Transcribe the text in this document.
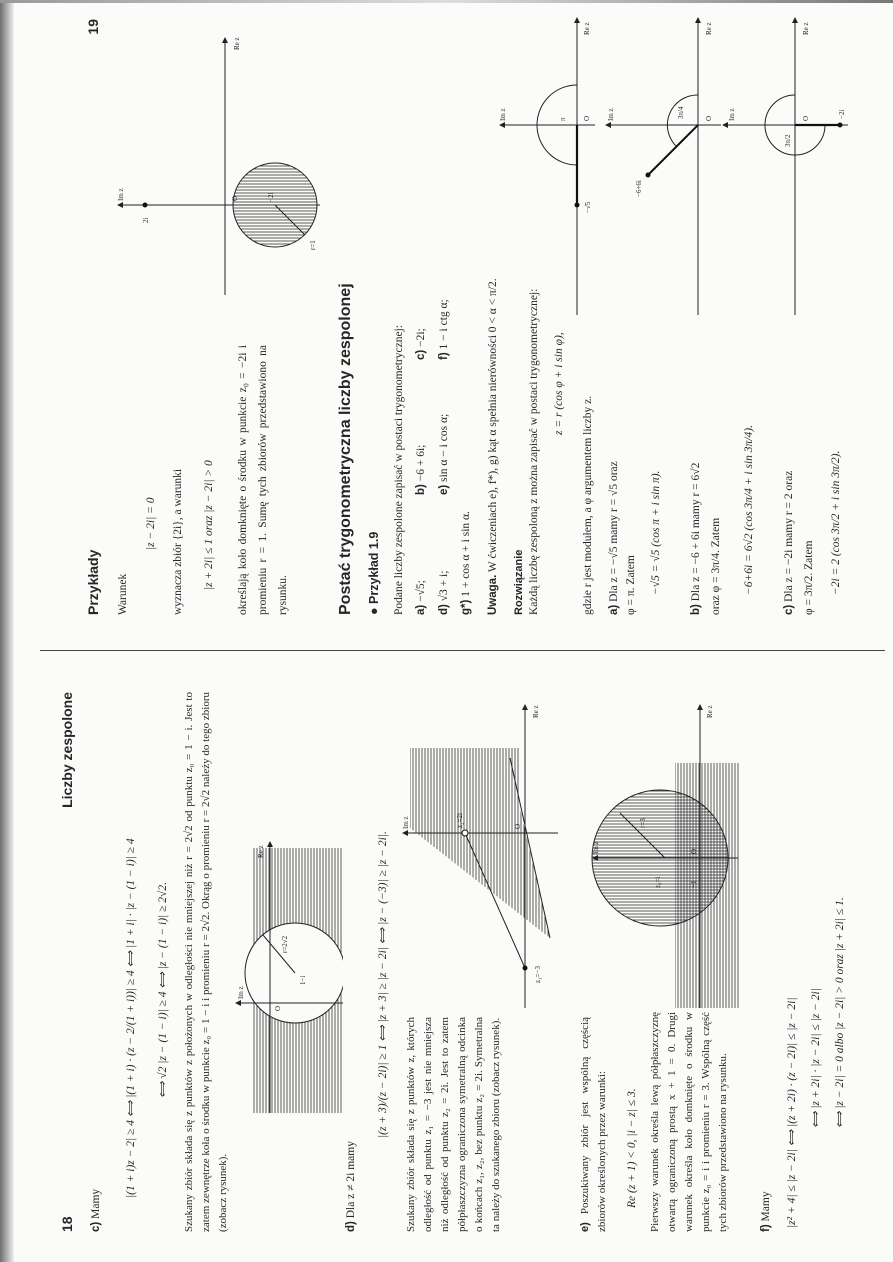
Przykłady
19
Warunek
|z − 2i| = 0 wyznacza zbiór {2i}, a warunki |z + 2i| ≤ 1 oraz |z − 2i| > 0	określają koło domknięte o środku w punkcie z₀ = −2i i promieniu r = 1. Sumę tych zbiorów przedstawiono na rysunku.
Im z
Re z
O
2i
−2i
r=1
Postać trygonometryczna liczby zespolonej ● Przykład 1.9 Podane liczby zespolone zapisać w postaci trygonometrycznej: a) −√5;
b) −6 + 6i;
c) −2i;
d) √3 + i;
e) sin α − i cos α;
f) 1 − i ctg α;
g*) 1 + cos α + i sin α. Uwaga. W ćwiczeniach e), f*), g) kąt α spełnia nierówności 0 < α < π/2.
Rozwiązanie Każdą liczbę zespoloną z można zapisać w postaci trygonometrycznej: z = r (cos φ + i sin φ),
gdzie r jest modułem, a φ argumentem liczby z. a) Dla z = −√5 mamy r = √5 oraz φ = π. Zatem −√5 = √5 (cos π + i sin π).
b) Dla z = −6 + 6i mamy r = 6√2 oraz φ = 3π/4. Zatem −6+6i = 6√2 (cos 3π/4 + i sin 3π/4).
c) Dla z = −2i mamy r = 2 oraz φ = 3π/2. Zatem −2i = 2 (cos 3π/2 + i sin 3π/2).
Im z
Re z
O
−√5
π	Im z
Re z
O
−6+6i
3π/4	Im z
Re z
O	−2i
3π/2
18
Liczby zespolone
c) Mamy
|(1 + i)z − 2| ≥ 4 ⟺ |(1 + i) · (z − 2/(1 + i))| ≥ 4 ⟺ |1 + i| · |z − (1 − i)| ≥ 4 ⟺ √2 |z − (1 − i)| ≥ 4 ⟺ |z − (1 − i)| ≥ 2√2. Szukany zbiór składa się z punktów z położonych w odległości nie mniejszej niż r = 2√2 od punktu z₀ = 1 − i. Jest to zatem zewnętrze koła o środku w punkcie z₀ = 1 − i i promieniu r = 2√2. Okrąg o promieniu r = 2√2 należy do tego zbioru (zobacz rysunek).
Im z
Re z
O
1−i
r=2√2
d) Dla z ≠ 2i mamy
|(z + 3)/(z − 2i)| ≥ 1 ⟺ |z + 3| ≥ |z − 2i| ⟺ |z − (−3)| ≥ |z − 2i|. Szukany zbiór składa się z punktów z, których odległość od punktu z₁ = −3 jest nie mniejsza niż odległość od punktu z₂ = 2i. Jest to zatem półpłaszczyzna ograniczona symetralną odcinka o końcach z₁, z₂, bez punktu z₂ = 2i. Symetralna ta należy do szukanego zbioru (zobacz rysunek).
Im z
Re z
O
z₁=−3
z₂=2i
e) Poszukiwany zbiór jest wspólną częścią zbiorów określonych przez warunki: Re (z + 1) < 0, |i − z| ≤ 3. Pierwszy warunek określa lewą półpłaszczyznę otwartą ograniczoną prostą x + 1 = 0. Drugi warunek określa koło domknięte o środku w punkcie z₀ = i i promieniu r = 3. Wspólną część tych zbiorów przedstawiono na rysunku.
Im z
Re z
O
−1
z₀=i
r=3
f) Mamy |z² + 4| ≤ |z − 2i| ⟺ |(z + 2i) · (z − 2i)| ≤ |z − 2i| ⟺ |z + 2i| · |z − 2i| ≤ |z − 2i| ⟺ |z − 2i| = 0 albo |z − 2i| > 0 oraz |z + 2i| ≤ 1.
